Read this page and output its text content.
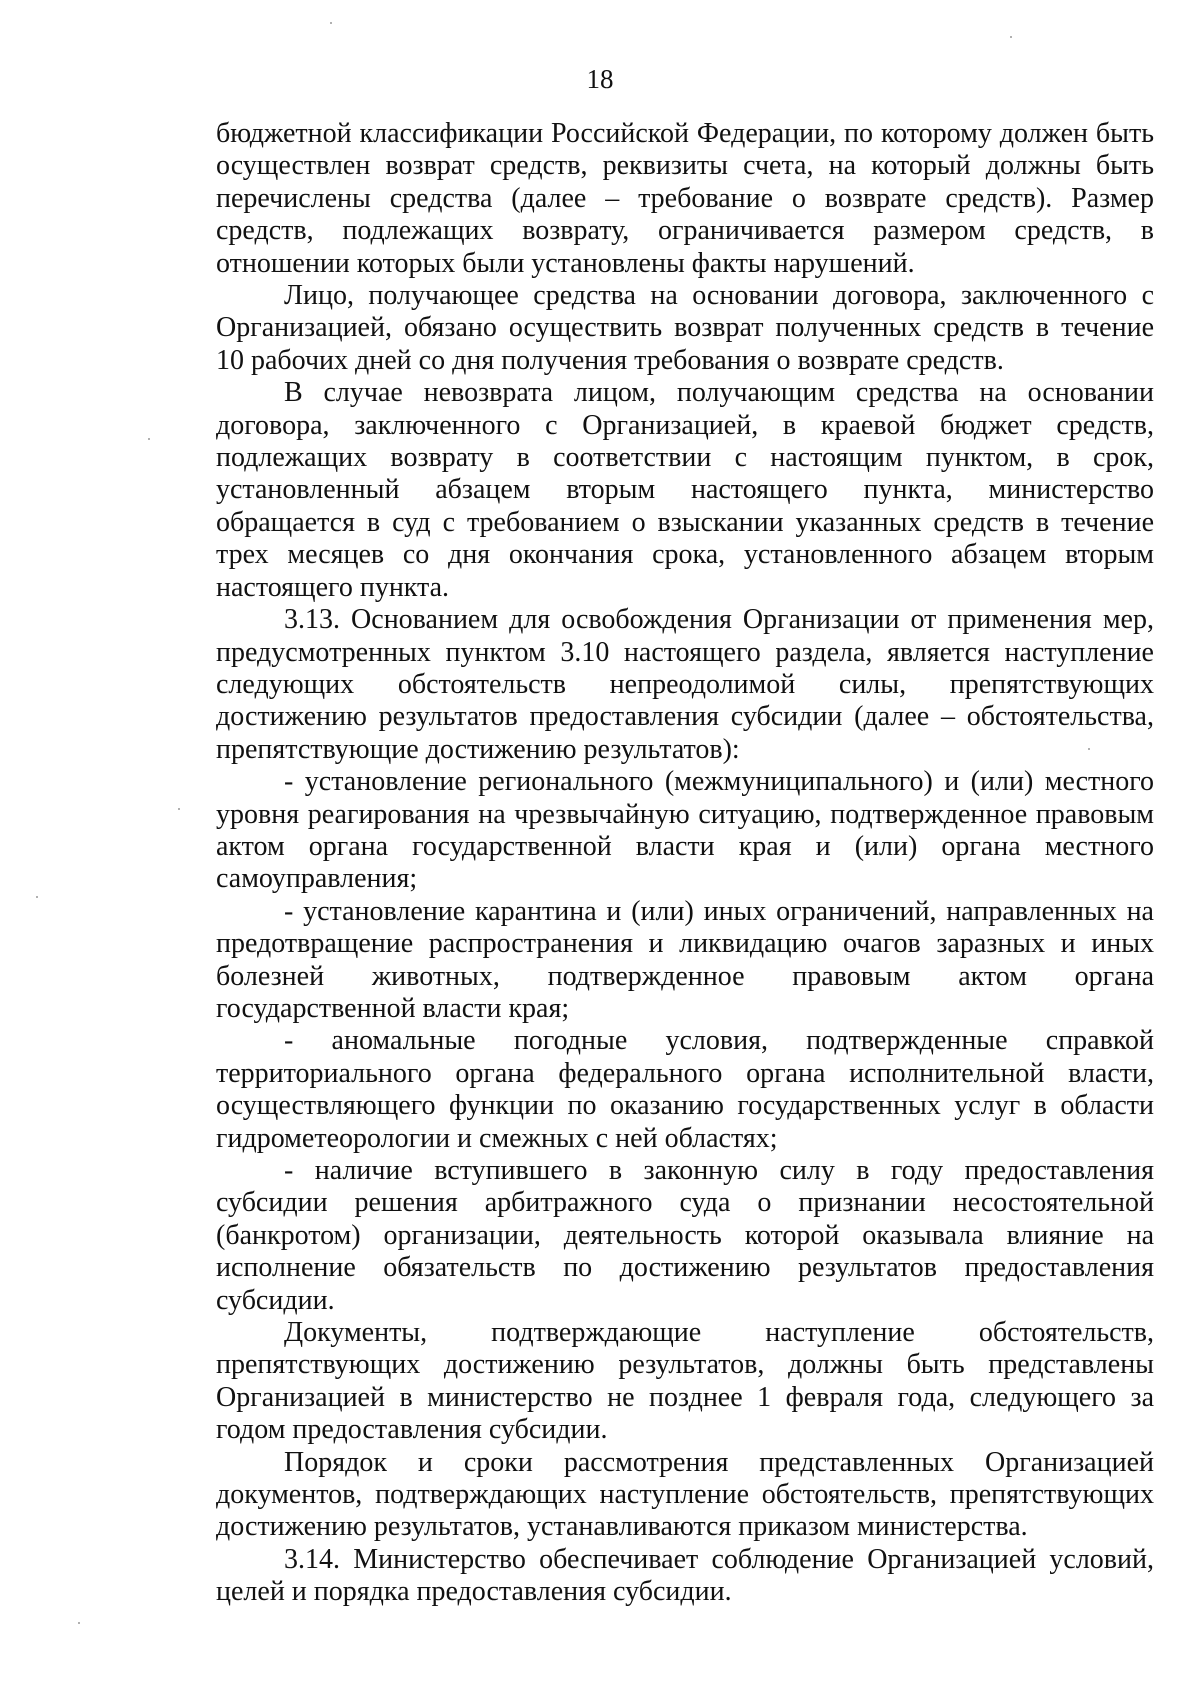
18

бюджетной классификации Российской Федерации, по которому должен быть осуществлен возврат средств, реквизиты счета, на который должны быть перечислены средства (далее – требование о возврате средств). Размер средств, подлежащих возврату, ограничивается размером средств, в отношении которых были установлены факты нарушений.

Лицо, получающее средства на основании договора, заключенного с Организацией, обязано осуществить возврат полученных средств в течение 10 рабочих дней со дня получения требования о возврате средств.

В случае невозврата лицом, получающим средства на основании договора, заключенного с Организацией, в краевой бюджет средств, подлежащих возврату в соответствии с настоящим пунктом, в срок, установленный абзацем вторым настоящего пункта, министерство обращается в суд с требованием о взыскании указанных средств в течение трех месяцев со дня окончания срока, установленного абзацем вторым настоящего пункта.

3.13. Основанием для освобождения Организации от применения мер, предусмотренных пунктом 3.10 настоящего раздела, является наступление следующих обстоятельств непреодолимой силы, препятствующих достижению результатов предоставления субсидии (далее – обстоятельства, препятствующие достижению результатов):

- установление регионального (межмуниципального) и (или) местного уровня реагирования на чрезвычайную ситуацию, подтвержденное правовым актом органа государственной власти края и (или) органа местного самоуправления;

- установление карантина и (или) иных ограничений, направленных на предотвращение распространения и ликвидацию очагов заразных и иных болезней животных, подтвержденное правовым актом органа государственной власти края;

- аномальные погодные условия, подтвержденные справкой территориального органа федерального органа исполнительной власти, осуществляющего функции по оказанию государственных услуг в области гидрометеорологии и смежных с ней областях;

- наличие вступившего в законную силу в году предоставления субсидии решения арбитражного суда о признании несостоятельной (банкротом) организации, деятельность которой оказывала влияние на исполнение обязательств по достижению результатов предоставления субсидии.

Документы, подтверждающие наступление обстоятельств, препятствующих достижению результатов, должны быть представлены Организацией в министерство не позднее 1 февраля года, следующего за годом предоставления субсидии.

Порядок и сроки рассмотрения представленных Организацией документов, подтверждающих наступление обстоятельств, препятствующих достижению результатов, устанавливаются приказом министерства.

3.14. Министерство обеспечивает соблюдение Организацией условий, целей и порядка предоставления субсидии.
